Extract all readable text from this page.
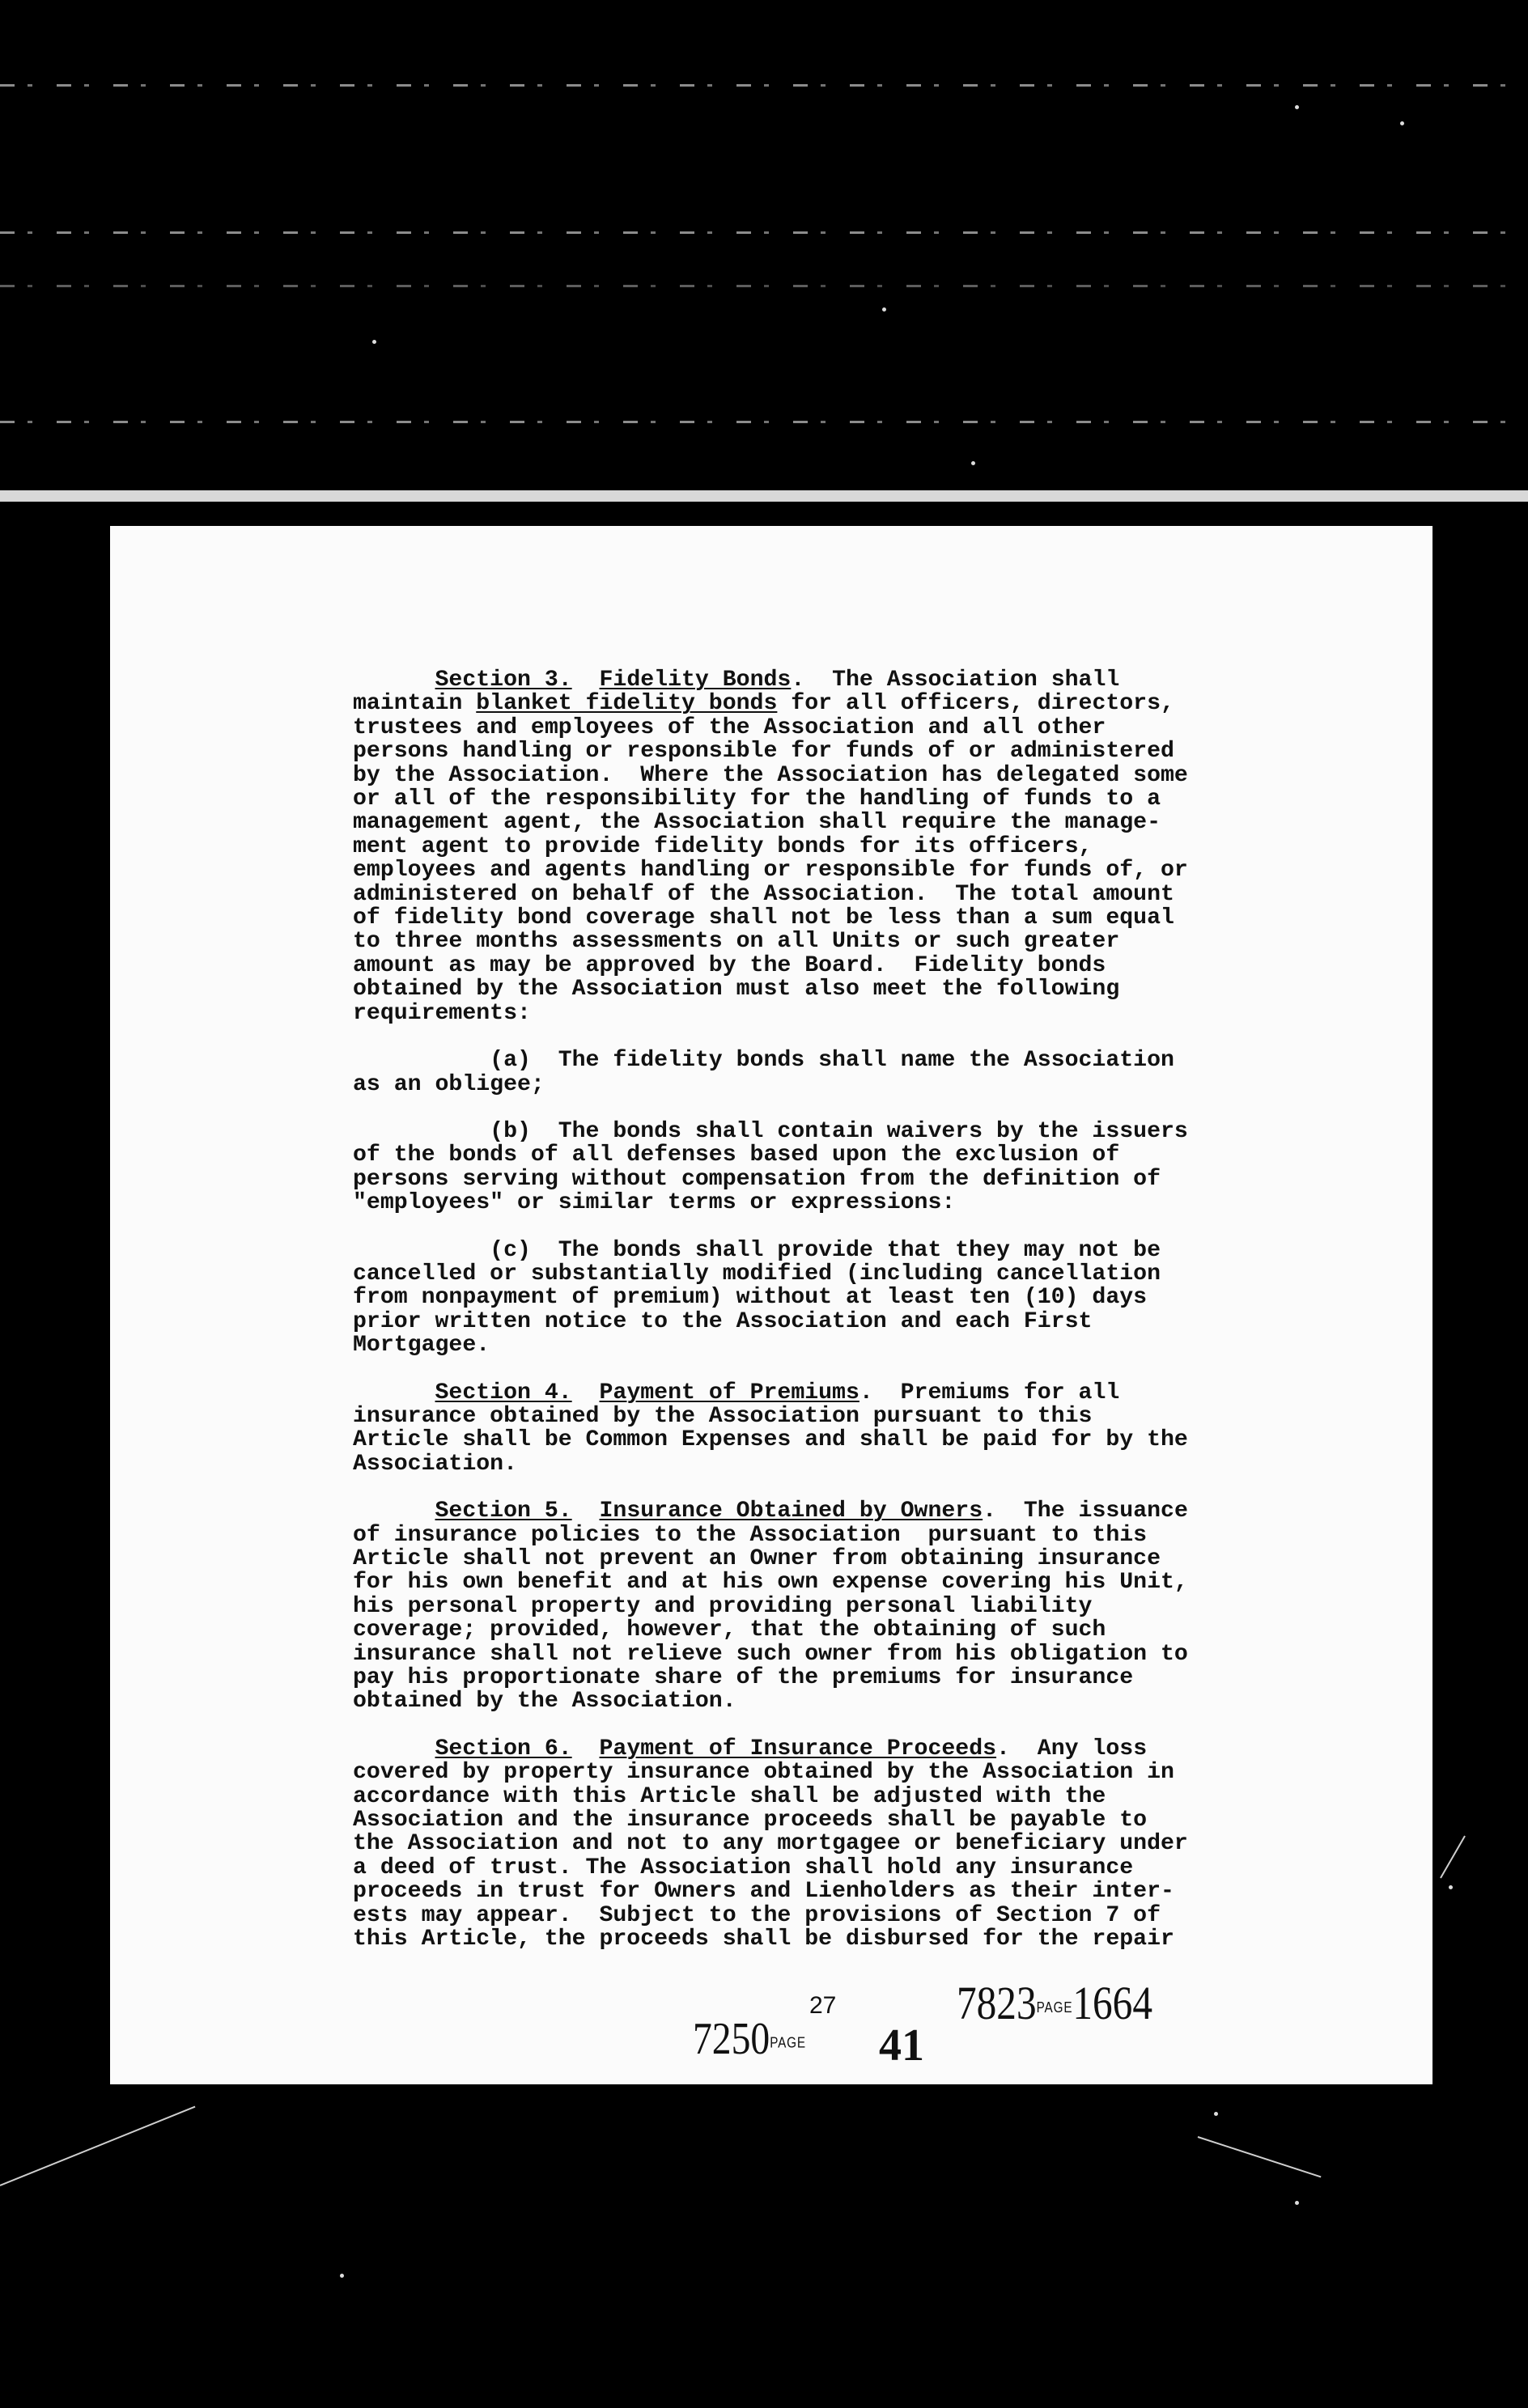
Section 3. Fidelity Bonds.  The Association shall
maintain blanket fidelity bonds for all officers, directors,
trustees and employees of the Association and all other
persons handling or responsible for funds of or administered
by the Association.  Where the Association has delegated some
or all of the responsibility for the handling of funds to a
management agent, the Association shall require the manage-
ment agent to provide fidelity bonds for its officers,
employees and agents handling or responsible for funds of, or
administered on behalf of the Association.  The total amount
of fidelity bond coverage shall not be less than a sum equal
to three months assessments on all Units or such greater
amount as may be approved by the Board.  Fidelity bonds
obtained by the Association must also meet the following
requirements:
(a)  The fidelity bonds shall name the Association
as an obligee;
(b)  The bonds shall contain waivers by the issuers
of the bonds of all defenses based upon the exclusion of
persons serving without compensation from the definition of
"employees" or similar terms or expressions:
(c)  The bonds shall provide that they may not be
cancelled or substantially modified (including cancellation
from nonpayment of premium) without at least ten (10) days
prior written notice to the Association and each First
Mortgagee.
Section 4. Payment of Premiums.  Premiums for all
insurance obtained by the Association pursuant to this
Article shall be Common Expenses and shall be paid for by the
Association.
Section 5. Insurance Obtained by Owners.  The issuance
of insurance policies to the Association  pursuant to this
Article shall not prevent an Owner from obtaining insurance
for his own benefit and at his own expense covering his Unit,
his personal property and providing personal liability
coverage; provided, however, that the obtaining of such
insurance shall not relieve such owner from his obligation to
pay his proportionate share of the premiums for insurance
obtained by the Association.
Section 6. Payment of Insurance Proceeds.  Any loss
covered by property insurance obtained by the Association in
accordance with this Article shall be adjusted with the
Association and the insurance proceeds shall be payable to
the Association and not to any mortgagee or beneficiary under
a deed of trust. The Association shall hold any insurance
proceeds in trust for Owners and Lienholders as their inter-
ests may appear.  Subject to the provisions of Section 7 of
this Article, the proceeds shall be disbursed for the repair
27
7250PAGE 41
7823PAGE1664
